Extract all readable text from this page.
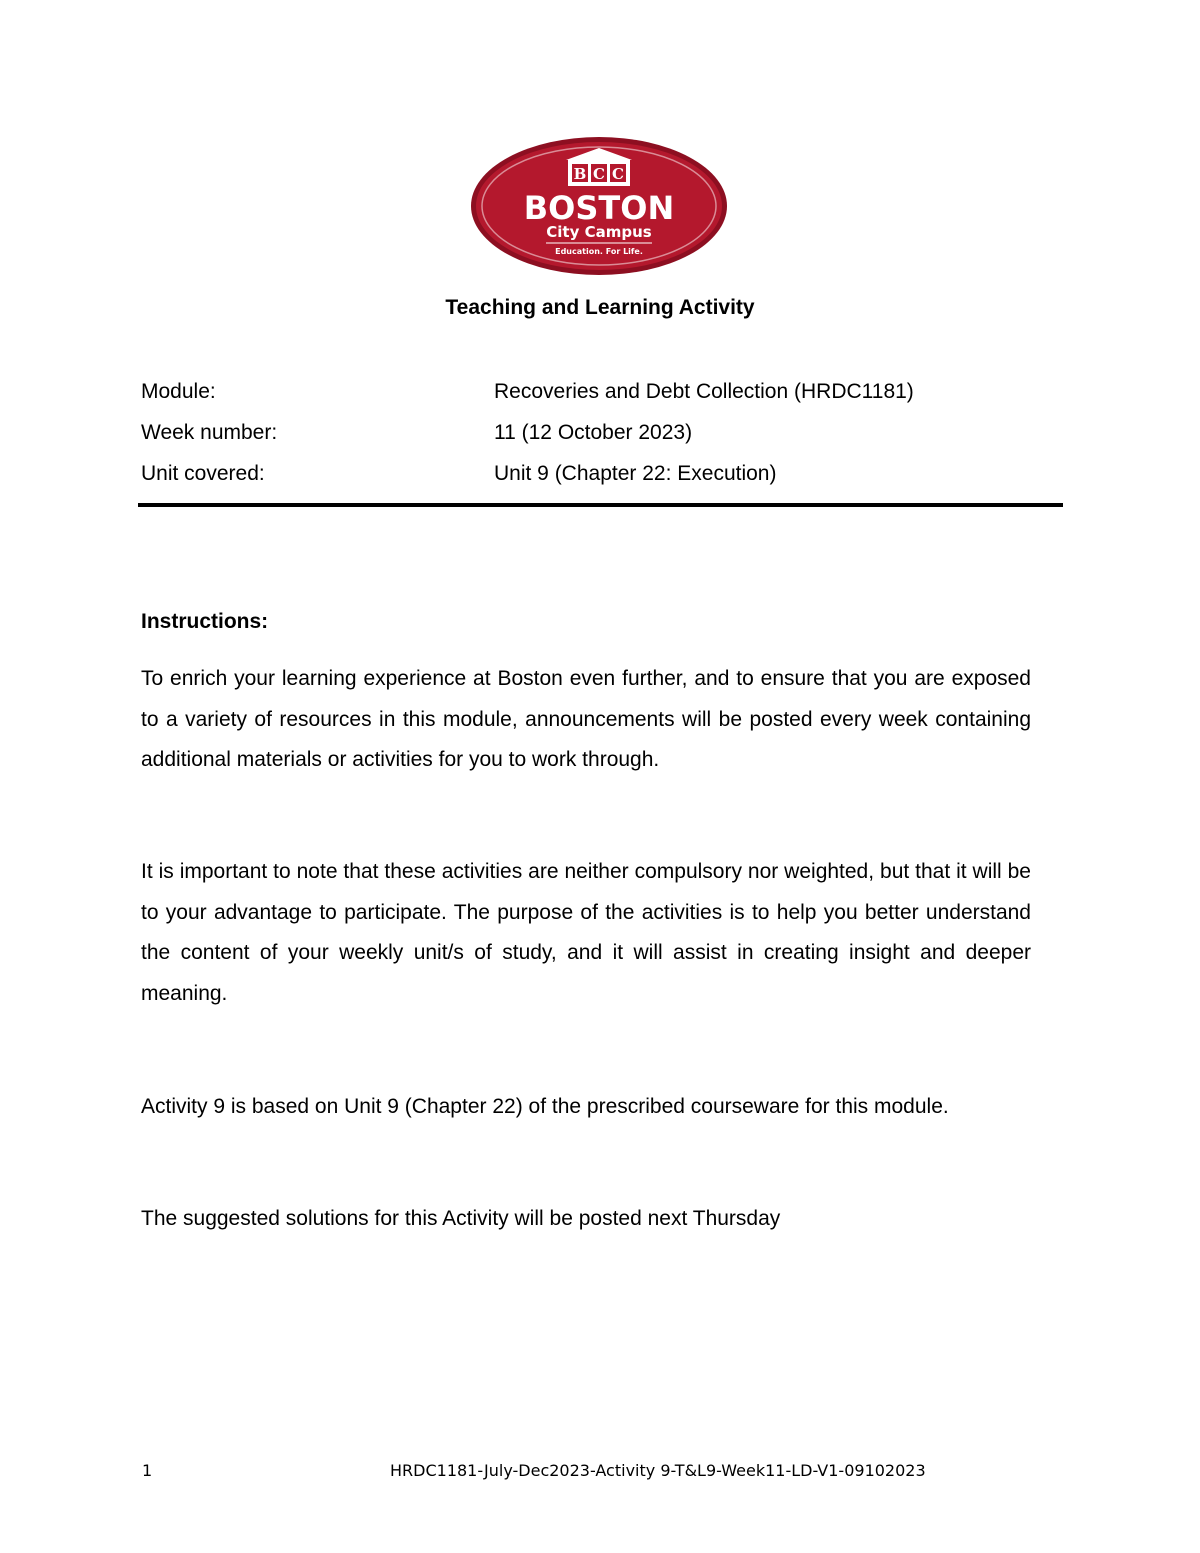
B C C
BOSTON
City Campus
Education. For Life.
Teaching and Learning Activity
Module:	Recoveries and Debt Collection (HRDC1181)
Week number:	11 (12 October 2023)
Unit covered:	Unit 9 (Chapter 22: Execution)
Instructions:

To enrich your learning experience at Boston even further, and to ensure that you are exposed to a variety of resources in this module, announcements will be posted every week containing additional materials or activities for you to work through.

It is important to note that these activities are neither compulsory nor weighted, but that it will be to your advantage to participate. The purpose of the activities is to help you better understand the content of your weekly unit/s of study, and it will assist in creating insight and deeper meaning.

Activity 9 is based on Unit 9 (Chapter 22) of the prescribed courseware for this module.

The suggested solutions for this Activity will be posted next Thursday

1	HRDC1181-July-Dec2023-Activity 9-T&L9-Week11-LD-V1-09102023
